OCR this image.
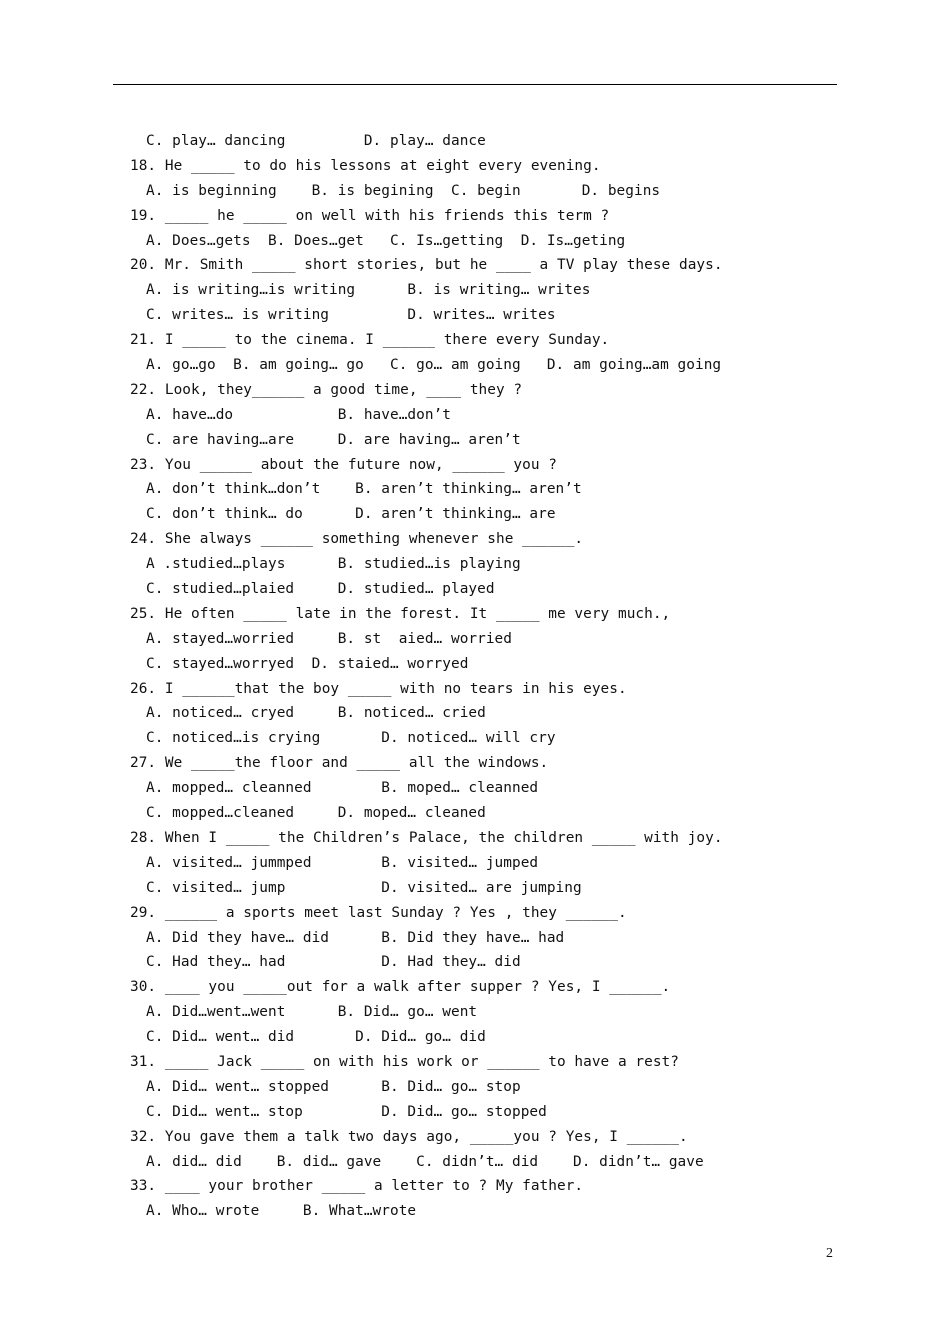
C. play… dancing         D. play… dance
18. He _____ to do his lessons at eight every evening.
A. is beginning    B. is begining  C. begin       D. begins
19. _____ he _____ on well with his friends this term ?
A. Does…gets  B. Does…get   C. Is…getting  D. Is…geting
20. Mr. Smith _____ short stories, but he ____ a TV play these days.
A. is writing…is writing      B. is writing… writes
C. writes… is writing         D. writes… writes
21. I _____ to the cinema. I ______ there every Sunday.
A. go…go  B. am going… go   C. go… am going   D. am going…am going
22. Look, they______ a good time, ____ they ?
A. have…do            B. have…don’t
C. are having…are     D. are having… aren’t
23. You ______ about the future now, ______ you ?
A. don’t think…don’t    B. aren’t thinking… aren’t
C. don’t think… do      D. aren’t thinking… are
24. She always ______ something whenever she ______.
A .studied…plays      B. studied…is playing
C. studied…plaied     D. studied… played
25. He often _____ late in the forest. It _____ me very much.,
A. stayed…worried     B. st  aied… worried
C. stayed…worryed  D. staied… worryed
26. I ______that the boy _____ with no tears in his eyes.
A. noticed… cryed     B. noticed… cried
C. noticed…is crying       D. noticed… will cry
27. We _____the floor and _____ all the windows.
A. mopped… cleanned        B. moped… cleanned
C. mopped…cleaned     D. moped… cleaned
28. When I _____ the Children’s Palace, the children _____ with joy.
A. visited… jummped        B. visited… jumped
C. visited… jump           D. visited… are jumping
29. ______ a sports meet last Sunday ? Yes , they ______.
A. Did they have… did      B. Did they have… had
C. Had they… had           D. Had they… did
30. ____ you _____out for a walk after supper ? Yes, I ______.
A. Did…went…went      B. Did… go… went
C. Did… went… did       D. Did… go… did
31. _____ Jack _____ on with his work or ______ to have a rest?
A. Did… went… stopped      B. Did… go… stop
C. Did… went… stop         D. Did… go… stopped
32. You gave them a talk two days ago, _____you ? Yes, I ______.
A. did… did    B. did… gave    C. didn’t… did    D. didn’t… gave
33. ____ your brother _____ a letter to ? My father.
A. Who… wrote     B. What…wrote
2
